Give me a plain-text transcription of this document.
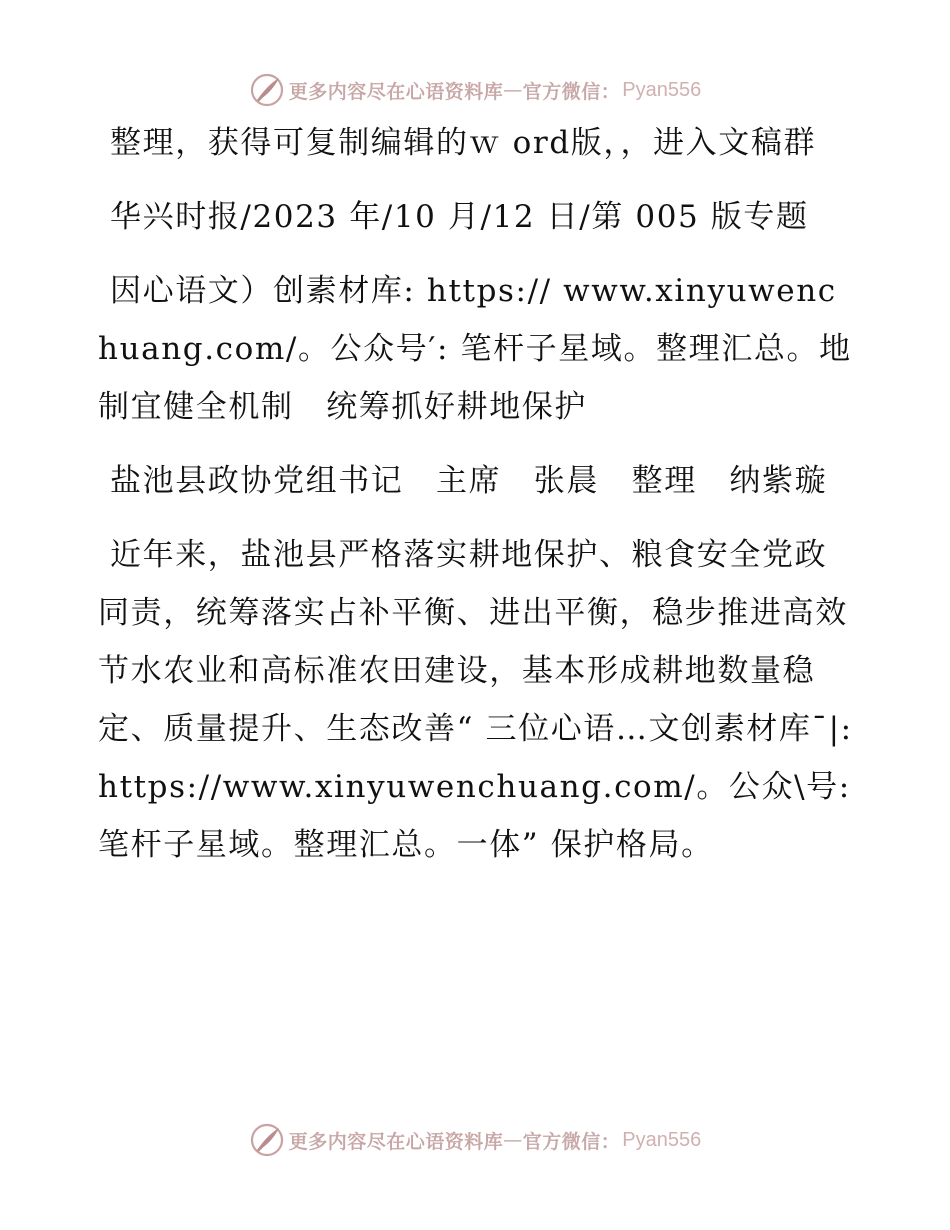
更多内容尽在心语资料库 — 官方微信： Pyan556

整理，获得可复制编辑的ｗ ord版，，进入文稿群

华兴时报/2023 年/10 月/12 日/第 005 版专题

因心语文）创素材库: https:// www.xinyuwenchuang.com/。公众号′: 笔杆子星域。整理汇总。地制宜健全机制　统筹抓好耕地保护

盐池县政协党组书记　主席　张晨　整理　纳紫璇

近年来，盐池县严格落实耕地保护、粮食安全党政同责，统筹落实占补平衡、进出平衡，稳步推进高效节水农业和高标准农田建设，基本形成耕地数量稳定、质量提升、生态改善“ 三位心语…文创素材库¯|: https://www.xinyuwenchuang.com/。公众\号: 笔杆子星域。整理汇总。一体” 保护格局。

更多内容尽在心语资料库 — 官方微信： Pyan556
